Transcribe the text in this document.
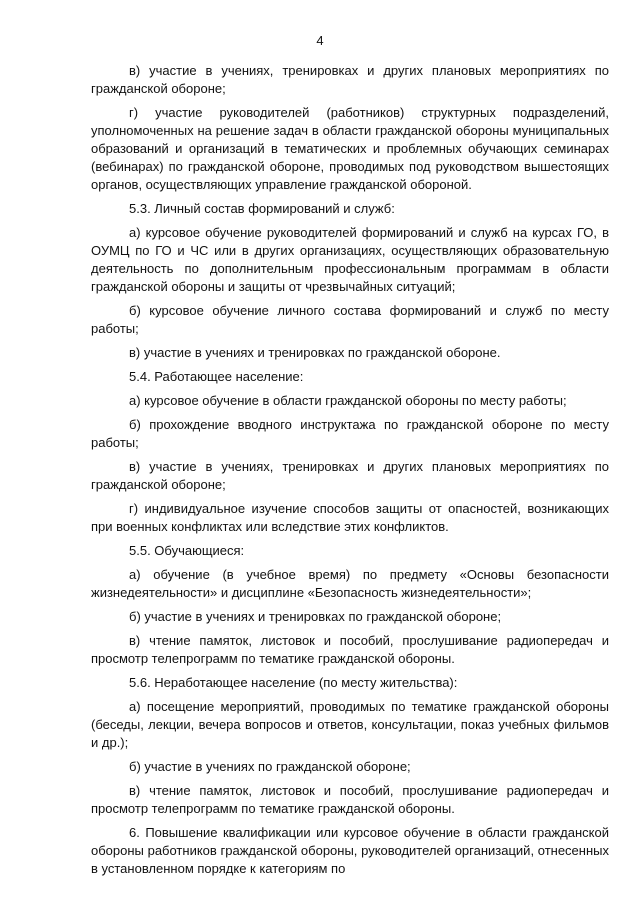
4

в) участие в учениях, тренировках и других плановых мероприятиях по гражданской обороне;

г) участие руководителей (работников) структурных подразделений, уполномоченных на решение задач в области гражданской обороны муниципальных образований и организаций в тематических и проблемных обучающих семинарах (вебинарах) по гражданской обороне, проводимых под руководством вышестоящих органов, осуществляющих управление гражданской обороной.

5.3. Личный состав формирований и служб:

а) курсовое обучение руководителей формирований и служб на курсах ГО, в ОУМЦ по ГО и ЧС или в других организациях, осуществляющих образовательную деятельность по дополнительным профессиональным программам в области гражданской обороны и защиты от чрезвычайных ситуаций;

б) курсовое обучение личного состава формирований и служб по месту работы;

в) участие в учениях и тренировках по гражданской обороне.

5.4. Работающее население:

а) курсовое обучение в области гражданской обороны по месту работы;

б) прохождение вводного инструктажа по гражданской обороне по месту работы;

в) участие в учениях, тренировках и других плановых мероприятиях по гражданской обороне;

г) индивидуальное изучение способов защиты от опасностей, возникающих при военных конфликтах или вследствие этих конфликтов.

5.5. Обучающиеся:

а) обучение (в учебное время) по предмету «Основы безопасности жизнедеятельности» и дисциплине «Безопасность жизнедеятельности»;

б) участие в учениях и тренировках по гражданской обороне;

в) чтение памяток, листовок и пособий, прослушивание радиопередач и просмотр телепрограмм по тематике гражданской обороны.

5.6. Неработающее население (по месту жительства):

а) посещение мероприятий, проводимых по тематике гражданской обороны (беседы, лекции, вечера вопросов и ответов, консультации, показ учебных фильмов и др.);

б) участие в учениях по гражданской обороне;

в) чтение памяток, листовок и пособий, прослушивание радиопередач и просмотр телепрограмм по тематике гражданской обороны.

6. Повышение квалификации или курсовое обучение в области гражданской обороны работников гражданской обороны, руководителей организаций, отнесенных в установленном порядке к категориям по
